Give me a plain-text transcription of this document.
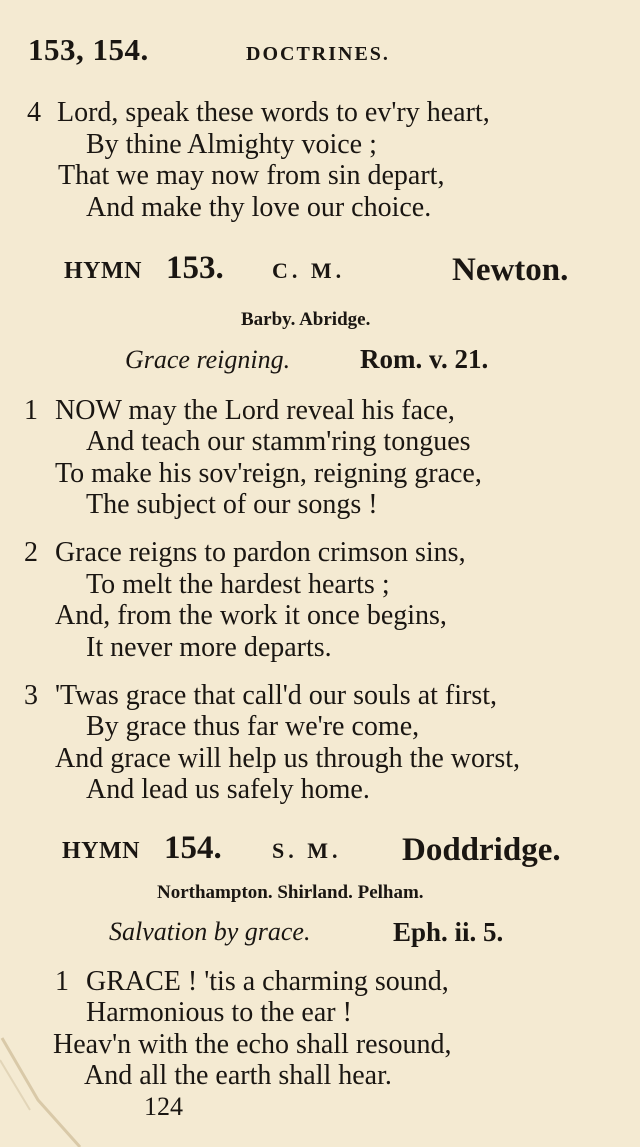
153, 154.	DOCTRINES.
4 Lord, speak these words to ev'ry heart,
By thine Almighty voice ;
That we may now from sin depart,
And make thy love our choice.
HYMN 153. C. M.	Newton.
Barby. Abridge.
Grace reigning.	Rom. v. 21.
1 NOW may the Lord reveal his face,
And teach our stamm'ring tongues
To make his sov'reign, reigning grace,
The subject of our songs !
2 Grace reigns to pardon crimson sins,
To melt the hardest hearts ;
And, from the work it once begins,
It never more departs.
3 'Twas grace that call'd our souls at first,
By grace thus far we're come,
And grace will help us through the worst,
And lead us safely home.
HYMN 154. S. M. Doddridge.
Northampton. Shirland. Pelham.
Salvation by grace.	Eph. ii. 5.
1 GRACE ! 'tis a charming sound,
Harmonious to the ear !
Heav'n with the echo shall resound,
And all the earth shall hear.
124
